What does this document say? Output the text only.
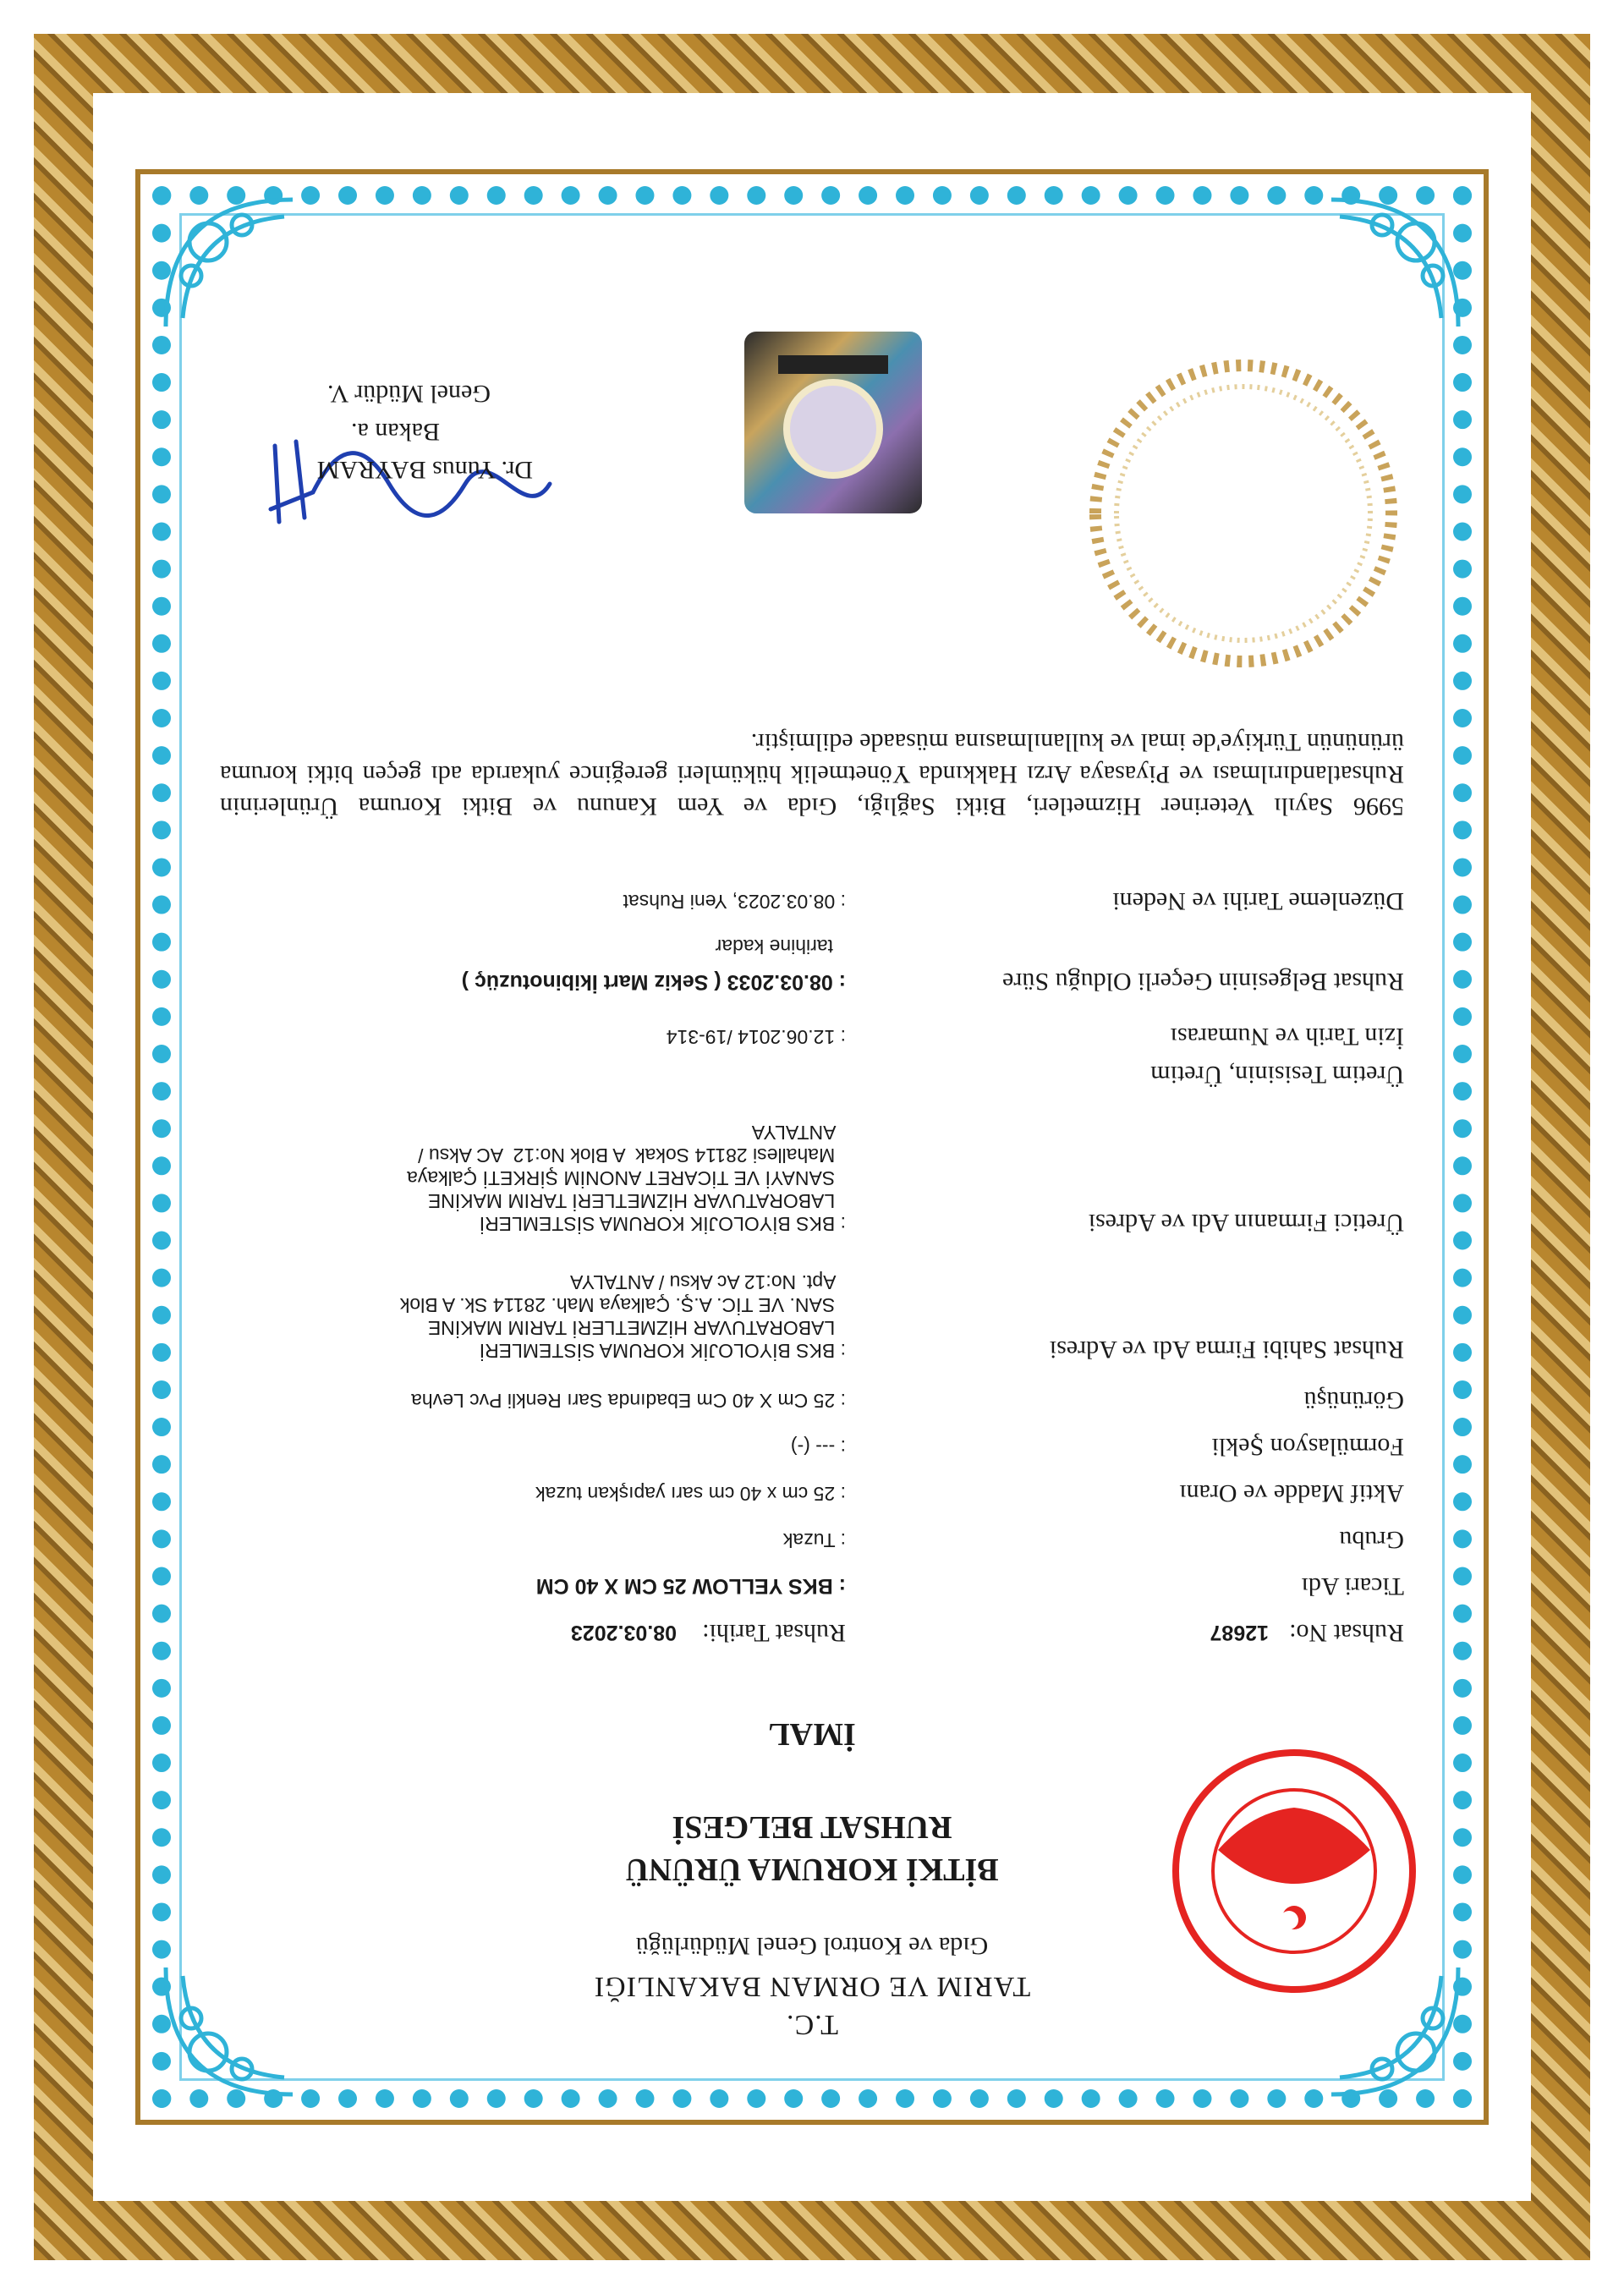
T.C.
TARIM VE ORMAN BAKANLIĞI
Gıda ve Kontrol Genel Müdürlüğü
BİTKİ KORUMA ÜRÜNÜ
RUHSAT BELGESİ
İMAL
Ruhsat No:
12687
Ruhsat Tarihi:
08.03.2023
Ticari Adı
: BKS YELLOW 25 CM X 40 CM
Grubu
: Tuzak
Aktif Madde ve Oranı
: 25 cm x 40 cm sarı yapışkan tuzak
Formülasyon Şekli
: --- (-)
Görünüşü
: 25 Cm X 40 Cm Ebadında Sarı Renkli Pvc Levha
Ruhsat Sahibi Firma Adı ve Adresi
: BKS BİYOLOJİK KORUMA SİSTEMLERİ
LABORATUVAR HİZMETLERİ TARIM MAKİNE
SAN. VE TİC. A.Ş. Çalkaya Mah. 28114 Sk. A Blok
Apt. No:12 Ac Aksu / ANTALYA
Üretici Firmanın Adı ve Adresi
: BKS BİYOLOJİK KORUMA SİSTEMLERİ
LABORATUVAR HİZMETLERİ TARIM MAKİNE
SANAYİ VE TİCARET ANONİM ŞİRKETİ Çalkaya
Mahallesi 28114 Sokak  A Blok No:12  AC Aksu /
ANTALYA
Üretim Tesisinin, Üretim
İzin Tarih ve Numarası
: 12.06.2014 /19-314
Ruhsat Belgesinin Geçerli Olduğu Süre
: 08.03.2033 ( Sekiz Mart İkibinotuzüç )
tarihine kadar
Düzenleme Tarihi ve Nedeni
: 08.03.2023, Yeni Ruhsat
5996 Sayılı Veteriner Hizmetleri, Bitki Sağlığı, Gıda ve Yem Kanunu ve Bitki Koruma Ürünlerinin Ruhsatlandırılması ve Piyasaya Arzı Hakkında Yönetmelik hükümleri gereğince yukarıda adı geçen bitki koruma ürününün Türkiye'de imal ve kullanılmasına müsaade edilmiştir.
Dr. Yunus BAYRAM
Bakan a.
Genel Müdür V.
